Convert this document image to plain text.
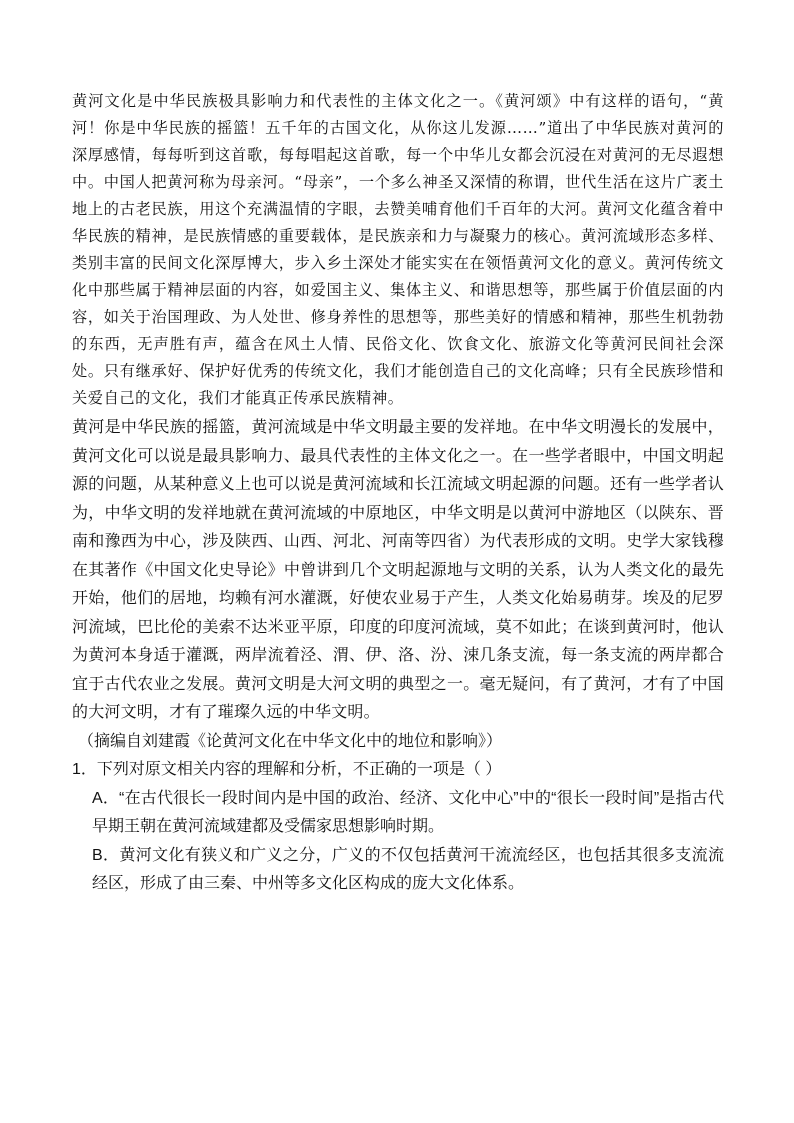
黄河文化是中华民族极具影响力和代表性的主体文化之一。《黄河颂》中有这样的语句，“黄河！你是中华民族的摇篮！五千年的古国文化，从你这儿发源……”道出了中华民族对黄河的深厚感情，每每听到这首歌，每每唱起这首歌，每一个中华儿女都会沉浸在对黄河的无尽遐想中。中国人把黄河称为母亲河。“母亲”，一个多么神圣又深情的称谓，世代生活在这片广袤土地上的古老民族，用这个充满温情的字眼，去赞美哺育他们千百年的大河。黄河文化蕴含着中华民族的精神，是民族情感的重要载体，是民族亲和力与凝聚力的核心。黄河流域形态多样、类别丰富的民间文化深厚博大，步入乡土深处才能实实在在领悟黄河文化的意义。黄河传统文化中那些属于精神层面的内容，如爱国主义、集体主义、和谐思想等，那些属于价值层面的内容，如关于治国理政、为人处世、修身养性的思想等，那些美好的情感和精神，那些生机勃勃的东西，无声胜有声，蕴含在风土人情、民俗文化、饮食文化、旅游文化等黄河民间社会深处。只有继承好、保护好优秀的传统文化，我们才能创造自己的文化高峰；只有全民族珍惜和关爱自己的文化，我们才能真正传承民族精神。

黄河是中华民族的摇篮，黄河流域是中华文明最主要的发祥地。在中华文明漫长的发展中，黄河文化可以说是最具影响力、最具代表性的主体文化之一。在一些学者眼中，中国文明起源的问题，从某种意义上也可以说是黄河流域和长江流域文明起源的问题。还有一些学者认为，中华文明的发祥地就在黄河流域的中原地区，中华文明是以黄河中游地区（以陕东、晋南和豫西为中心，涉及陕西、山西、河北、河南等四省）为代表形成的文明。史学大家钱穆在其著作《中国文化史导论》中曾讲到几个文明起源地与文明的关系，认为人类文化的最先开始，他们的居地，均赖有河水灌溉，好使农业易于产生，人类文化始易萌芽。埃及的尼罗河流域，巴比伦的美索不达米亚平原，印度的印度河流域，莫不如此；在谈到黄河时，他认为黄河本身适于灌溉，两岸流着泾、渭、伊、洛、汾、涑几条支流，每一条支流的两岸都合宜于古代农业之发展。黄河文明是大河文明的典型之一。毫无疑问，有了黄河，才有了中国的大河文明，才有了璀璨久远的中华文明。

（摘编自刘建霞《论黄河文化在中华文化中的地位和影响》）

1．下列对原文相关内容的理解和分析，不正确的一项是（ ）

A．“在古代很长一段时间内是中国的政治、经济、文化中心”中的“很长一段时间”是指古代早期王朝在黄河流域建都及受儒家思想影响时期。

B．黄河文化有狭义和广义之分，广义的不仅包括黄河干流流经区，也包括其很多支流流经区，形成了由三秦、中州等多文化区构成的庞大文化体系。
